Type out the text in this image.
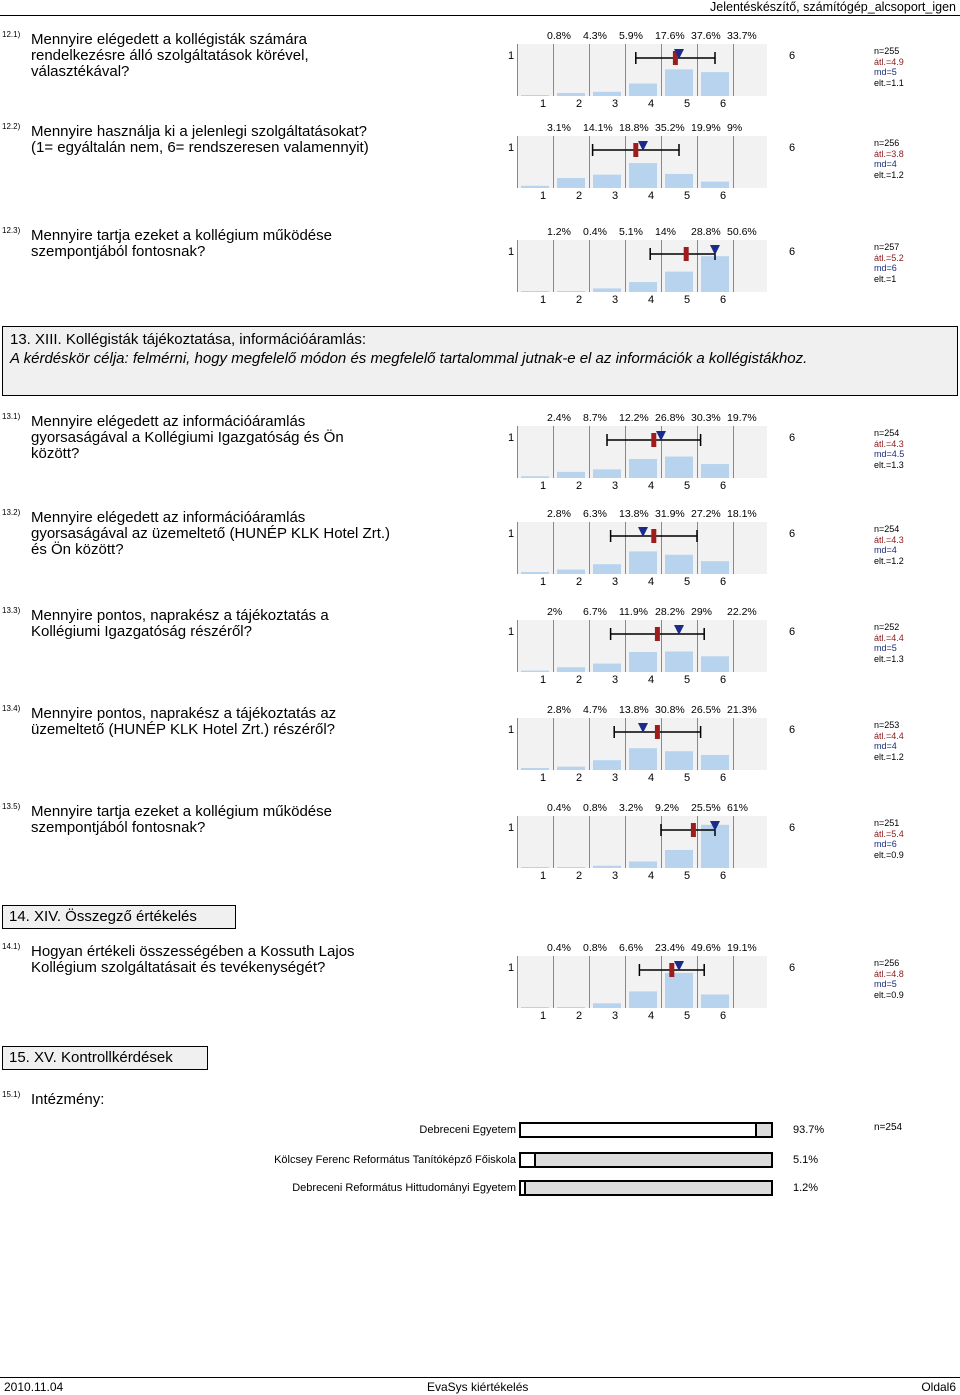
Jelentéskészítő, számítógép_alcsoport_igen
12.1) Mennyire elégedett a kollégisták számára rendelkezésre álló szolgáltatások körével, választékával?
0.8% 4.3% 5.9% 17.6% 37.6% 33.7%
1	6
1	2	3	4	5	6
n=255
átl.=4.9
md=5
elt.=1.1
12.2) Mennyire használja ki a jelenlegi szolgáltatásokat? (1= egyáltalán nem, 6= rendszeresen valamennyit)
3.1% 14.1% 18.8% 35.2% 19.9% 9%
1	6
1	2	3	4	5	6
n=256
átl.=3.8
md=4
elt.=1.2
12.3) Mennyire tartja ezeket a kollégium működése szempontjából fontosnak?
1.2% 0.4% 5.1% 14% 28.8% 50.6%
1	6
1	2	3	4	5	6
n=257
átl.=5.2
md=6
elt.=1
13.1) Mennyire elégedett az információáramlás gyorsaságával a Kollégiumi Igazgatóság és Ön között?
2.4% 8.7% 12.2% 26.8% 30.3% 19.7%
1	6
1	2	3	4	5	6
n=254
átl.=4.3
md=4.5
elt.=1.3
13.2) Mennyire elégedett az információáramlás gyorsaságával az üzemeltető (HUNÉP KLK Hotel Zrt.) és Ön között?
2.8% 6.3% 13.8% 31.9% 27.2% 18.1%
1	6
1	2	3	4	5	6
n=254
átl.=4.3
md=4
elt.=1.2
13.3) Mennyire pontos, naprakész a tájékoztatás a Kollégiumi Igazgatóság részéről?
2% 6.7% 11.9% 28.2% 29% 22.2%
1	6
1	2	3	4	5	6
n=252
átl.=4.4
md=5
elt.=1.3
13.4) Mennyire pontos, naprakész a tájékoztatás az üzemeltető (HUNÉP KLK Hotel Zrt.) részéről?
2.8% 4.7% 13.8% 30.8% 26.5% 21.3%
1	6
1	2	3	4	5	6
n=253
átl.=4.4
md=4
elt.=1.2
13.5) Mennyire tartja ezeket a kollégium működése szempontjából fontosnak?
0.4% 0.8% 3.2% 9.2% 25.5% 61%
1	6
1	2	3	4	5	6
n=251
átl.=5.4
md=6
elt.=0.9
14.1) Hogyan értékeli összességében a Kossuth Lajos Kollégium szolgáltatásait és tevékenységét?
0.4% 0.8% 6.6% 23.4% 49.6% 19.1%
1	6
1	2	3	4	5	6
n=256
átl.=4.8
md=5
elt.=0.9
13. XIII. Kollégisták tájékoztatása, információáramlás:
A kérdéskör célja: felmérni, hogy megfelelő módon és megfelelő tartalommal jutnak-e el az információk a kollégistákhoz.
14. XIV. Összegző értékelés
15. XV. Kontrollkérdések
15.1) Intézmény:
n=254
Debreceni Egyetem	93.7%
Kölcsey Ferenc Református Tanítóképző Főiskola	5.1%
Debreceni Református Hittudományi Egyetem	1.2%
2010.11.04	EvaSys kiértékelés	Oldal6
